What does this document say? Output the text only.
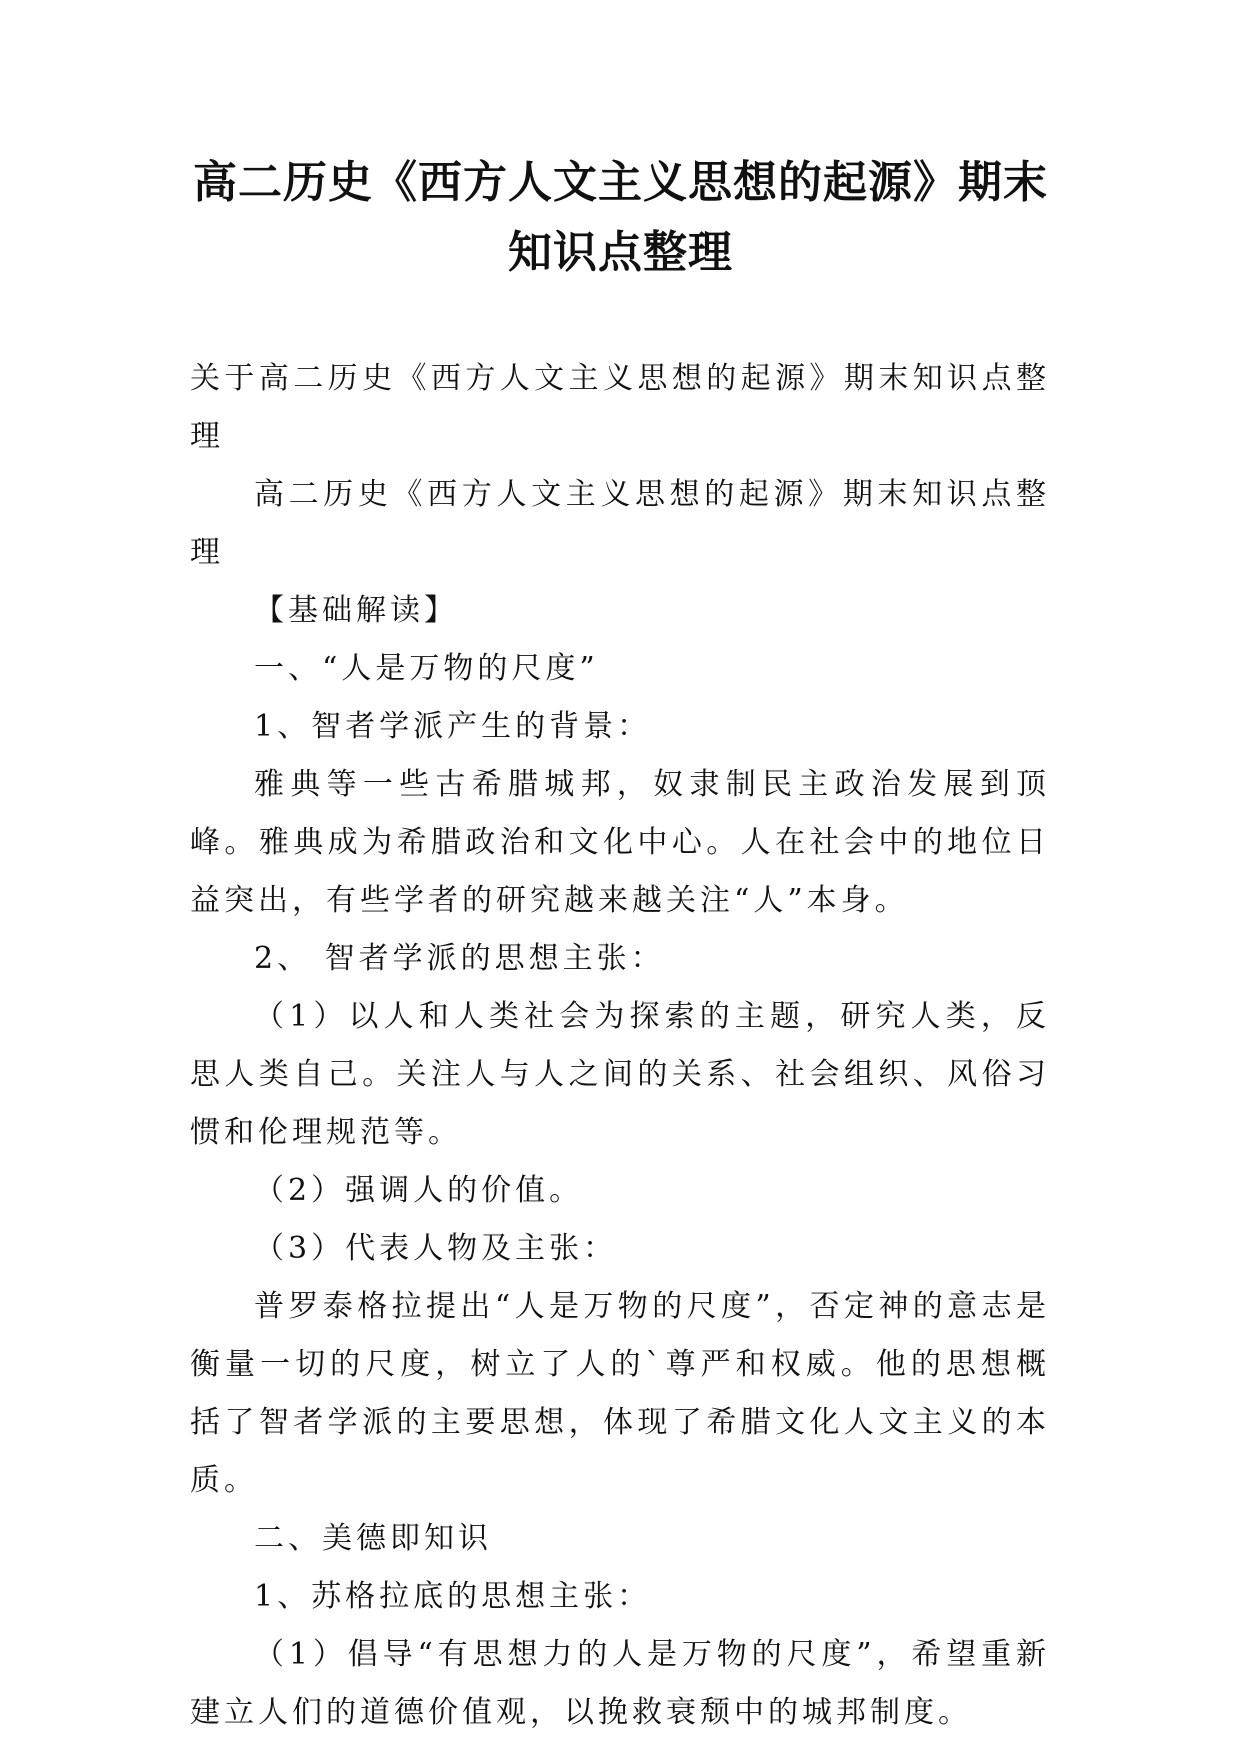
高二历史《西方人文主义思想的起源》期末
知识点整理

关于高二历史《西方人文主义思想的起源》期末知识点整理

高二历史《西方人文主义思想的起源》期末知识点整理

【基础解读】

一、“人是万物的尺度”

1、智者学派产生的背景：

雅典等一些古希腊城邦，奴隶制民主政治发展到顶峰。雅典成为希腊政治和文化中心。人在社会中的地位日益突出，有些学者的研究越来越关注“人”本身。

2、 智者学派的思想主张：

（1）以人和人类社会为探索的主题，研究人类，反思人类自己。关注人与人之间的关系、社会组织、风俗习惯和伦理规范等。

（2）强调人的价值。

（3）代表人物及主张：

普罗泰格拉提出“人是万物的尺度”，否定神的意志是衡量一切的尺度，树立了人的`尊严和权威。他的思想概括了智者学派的主要思想，体现了希腊文化人文主义的本质。

二、美德即知识

1、苏格拉底的思想主张：

（1）倡导“有思想力的人是万物的尺度”，希望重新建立人们的道德价值观，以挽救衰颓中的城邦制度。
